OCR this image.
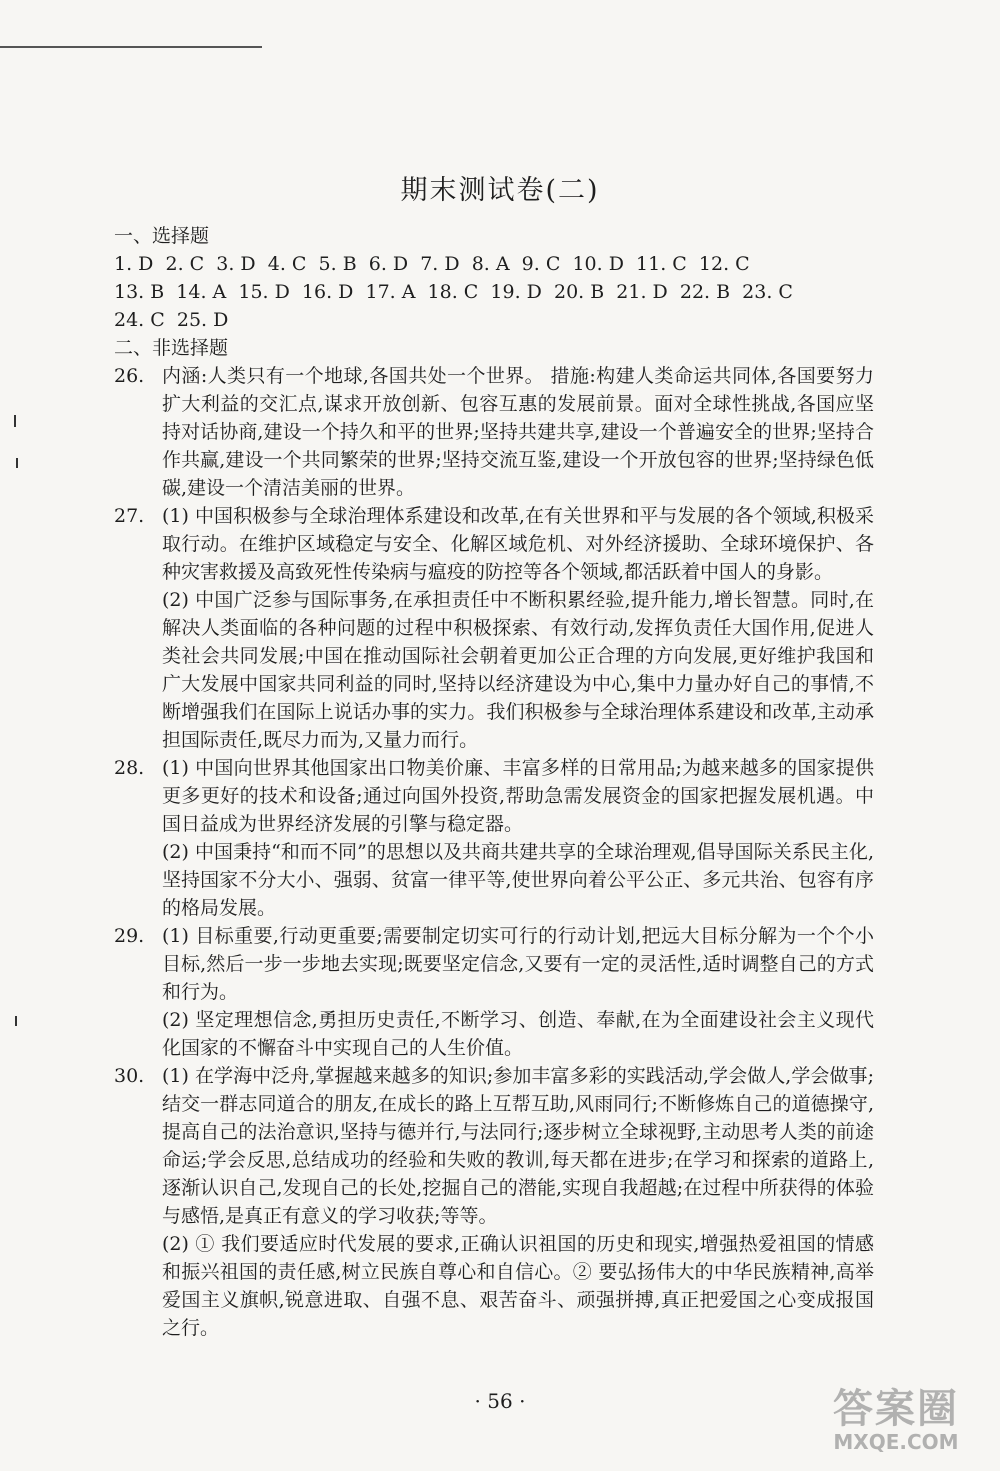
期末测试卷(二)

一、选择题

1. D  2. C  3. D  4. C  5. B  6. D  7. D  8. A  9. C  10. D  11. C  12. C

13. B  14. A  15. D  16. D  17. A  18. C  19. D  20. B  21. D  22. B  23. C

24. C  25. D

二、非选择题

26. 内涵:人类只有一个地球,各国共处一个世界。 措施:构建人类命运共同体,各国要努力扩大利益的交汇点,谋求开放创新、包容互惠的发展前景。面对全球性挑战,各国应坚持对话协商,建设一个持久和平的世界;坚持共建共享,建设一个普遍安全的世界;坚持合作共赢,建设一个共同繁荣的世界;坚持交流互鉴,建设一个开放包容的世界;坚持绿色低碳,建设一个清洁美丽的世界。

27. (1) 中国积极参与全球治理体系建设和改革,在有关世界和平与发展的各个领域,积极采取行动。在维护区域稳定与安全、化解区域危机、对外经济援助、全球环境保护、各种灾害救援及高致死性传染病与瘟疫的防控等各个领域,都活跃着中国人的身影。

(2) 中国广泛参与国际事务,在承担责任中不断积累经验,提升能力,增长智慧。同时,在解决人类面临的各种问题的过程中积极探索、有效行动,发挥负责任大国作用,促进人类社会共同发展;中国在推动国际社会朝着更加公正合理的方向发展,更好维护我国和广大发展中国家共同利益的同时,坚持以经济建设为中心,集中力量办好自己的事情,不断增强我们在国际上说话办事的实力。我们积极参与全球治理体系建设和改革,主动承担国际责任,既尽力而为,又量力而行。

28. (1) 中国向世界其他国家出口物美价廉、丰富多样的日常用品;为越来越多的国家提供更多更好的技术和设备;通过向国外投资,帮助急需发展资金的国家把握发展机遇。中国日益成为世界经济发展的引擎与稳定器。

(2) 中国秉持“和而不同”的思想以及共商共建共享的全球治理观,倡导国际关系民主化,坚持国家不分大小、强弱、贫富一律平等,使世界向着公平公正、多元共治、包容有序的格局发展。

29. (1) 目标重要,行动更重要;需要制定切实可行的行动计划,把远大目标分解为一个个小目标,然后一步一步地去实现;既要坚定信念,又要有一定的灵活性,适时调整自己的方式和行为。

(2) 坚定理想信念,勇担历史责任,不断学习、创造、奉献,在为全面建设社会主义现代化国家的不懈奋斗中实现自己的人生价值。

30. (1) 在学海中泛舟,掌握越来越多的知识;参加丰富多彩的实践活动,学会做人,学会做事;结交一群志同道合的朋友,在成长的路上互帮互助,风雨同行;不断修炼自己的道德操守,提高自己的法治意识,坚持与德并行,与法同行;逐步树立全球视野,主动思考人类的前途命运;学会反思,总结成功的经验和失败的教训,每天都在进步;在学习和探索的道路上,逐渐认识自己,发现自己的长处,挖掘自己的潜能,实现自我超越;在过程中所获得的体验与感悟,是真正有意义的学习收获;等等。

(2) ① 我们要适应时代发展的要求,正确认识祖国的历史和现实,增强热爱祖国的情感和振兴祖国的责任感,树立民族自尊心和自信心。② 要弘扬伟大的中华民族精神,高举爱国主义旗帜,锐意进取、自强不息、艰苦奋斗、顽强拼搏,真正把爱国之心变成报国之行。

· 56 ·	答案圈
MXQE.COM
